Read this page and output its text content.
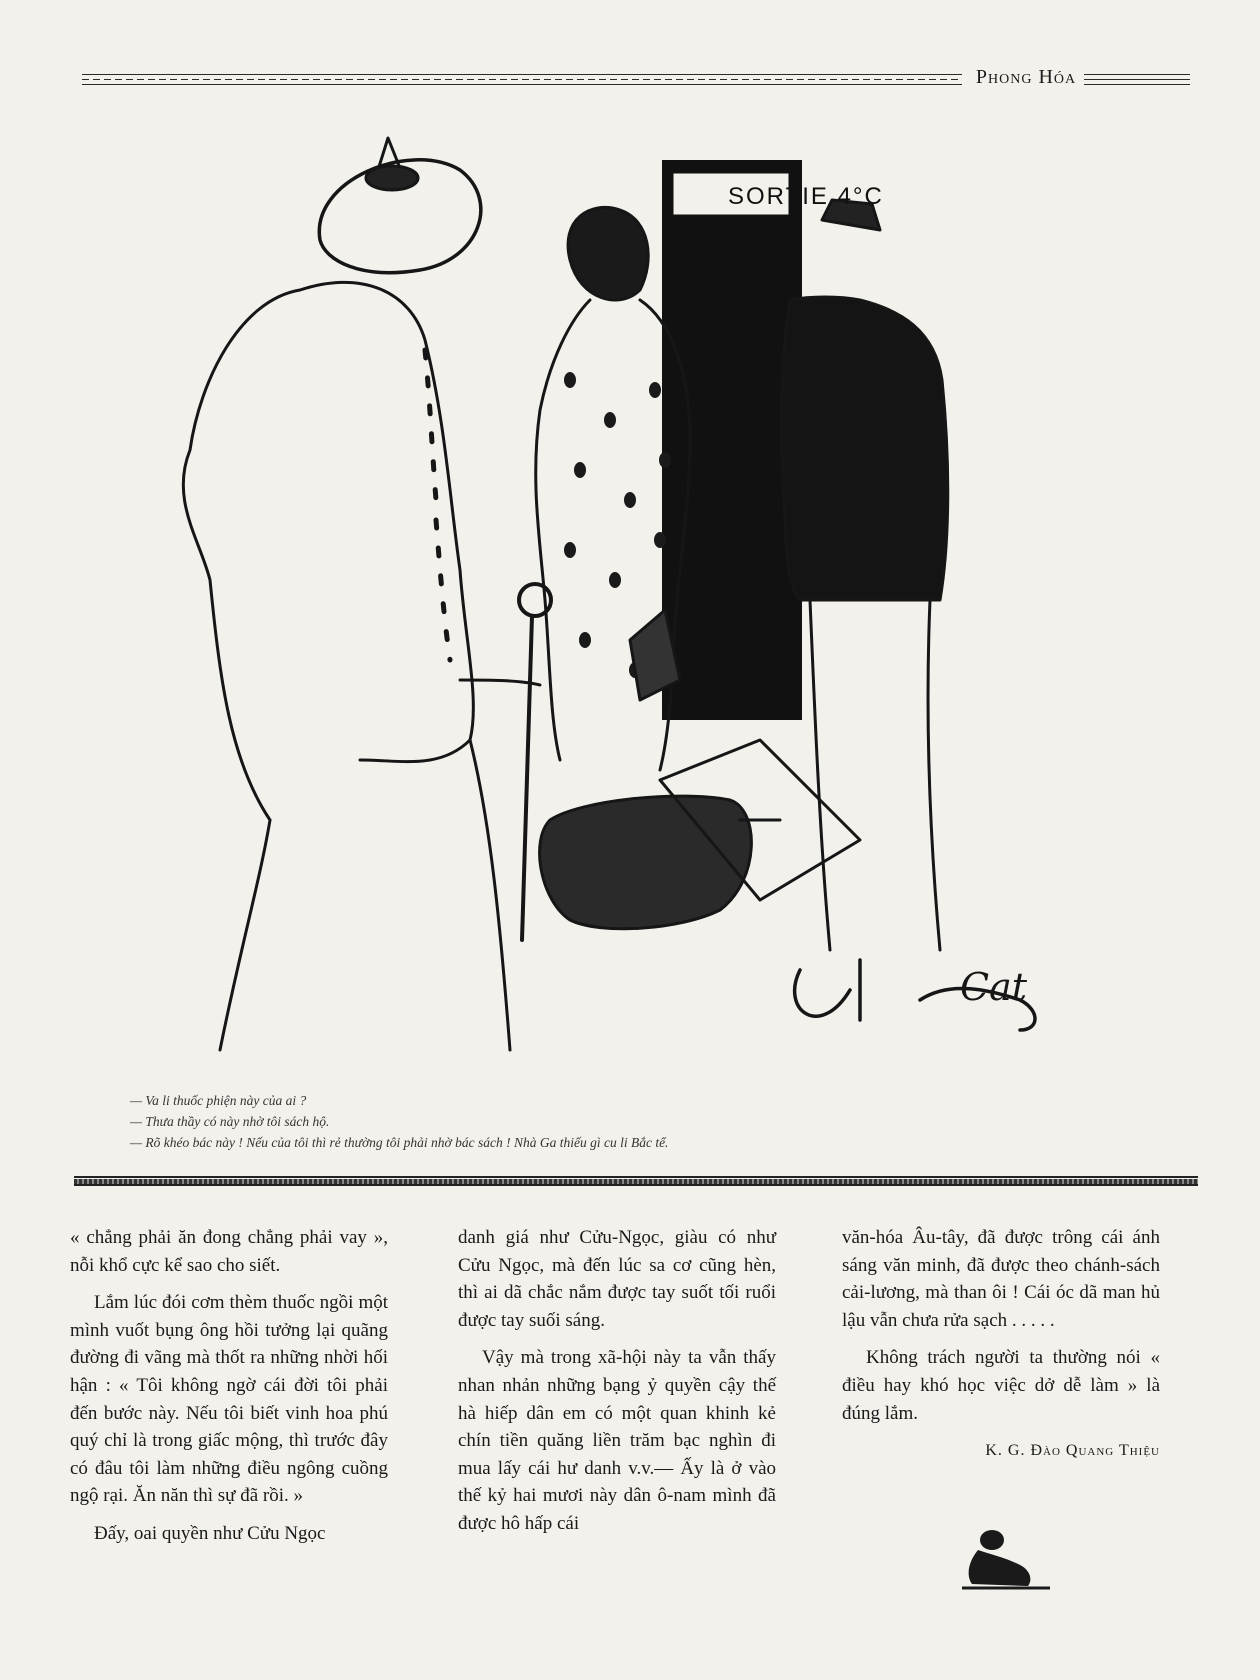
Phong Hóa
SORTIE 4°C
Cat
— Va li thuốc phiện này của ai ?
— Thưa thầy có này nhờ tôi sách hộ.
— Rõ khéo bác này ! Nếu của tôi thì rẻ thường tôi phải nhờ bác sách ! Nhà Ga thiếu gì cu li Bắc tể.

« chẳng phải ăn đong chẳng phải vay », nỗi khổ cực kể sao cho siết.

Lắm lúc đói cơm thèm thuốc ngồi một mình vuốt bụng ông hồi tưởng lại quãng đường đi vãng mà thốt ra những nhời hối hận : « Tôi không ngờ cái đời tôi phải đến bước này. Nếu tôi biết vinh hoa phú quý chỉ là trong giấc mộng, thì trước đây có đâu tôi làm những điều ngông cuồng ngộ rại. Ăn năn thì sự đã rồi. »

Đấy, oai quyền như Cửu Ngọc

danh giá như Cửu-Ngọc, giàu có như Cửu Ngọc, mà đến lúc sa cơ cũng hèn, thì ai dã chắc nắm được tay suốt tối ruổi được tay suối sáng.

Vậy mà trong xã-hội này ta vẫn thấy nhan nhản những bạng ỷ quyền cậy thế hà hiếp dân em có một quan khinh kẻ chín tiền quăng liền trăm bạc nghìn đi mua lấy cái hư danh v.v.— Ấy là ở vào thế kỷ hai mươi này dân ô-nam mình đã được hô hấp cái

văn-hóa Âu-tây, đã được trông cái ánh sáng văn minh, đã được theo chánh-sách cải-lương, mà than ôi ! Cái óc dã man hủ lậu vẫn chưa rửa sạch . . . . .

Không trách người ta thường nói « điều hay khó học việc dở dễ làm » là đúng lắm.

K. G. Đào Quang Thiệu
